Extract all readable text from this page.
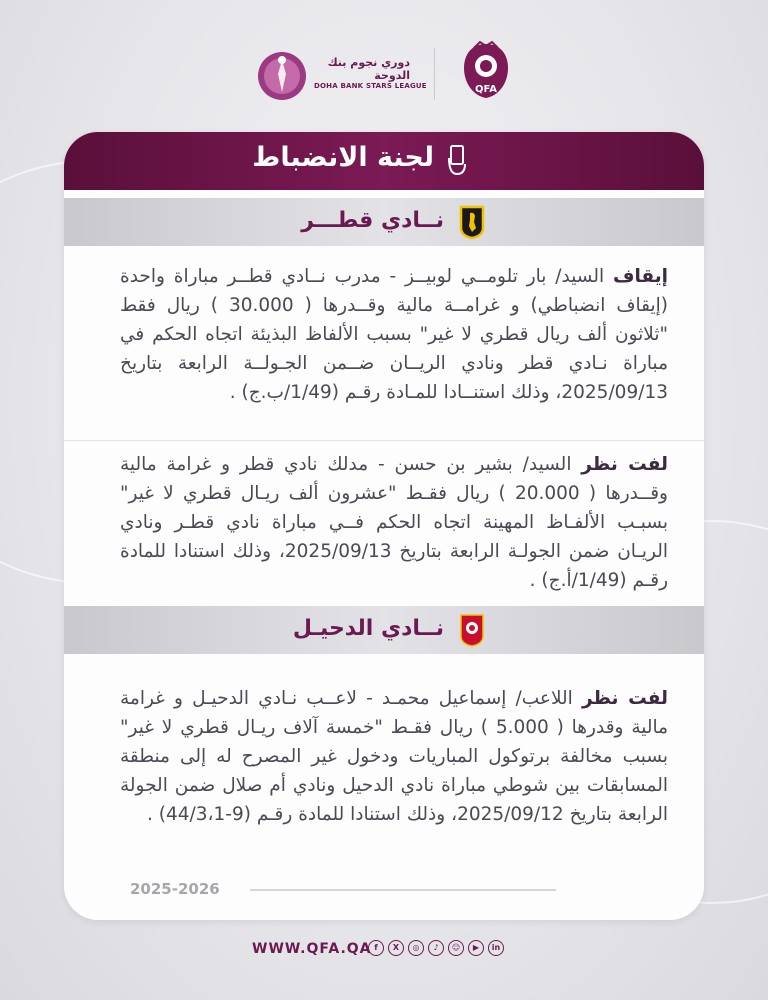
دوري نجوم بنك الدوحة
DOHA BANK STARS LEAGUE	QFA
لجنة الانضباط
نــادي قطـــر
إيقاف السيد/ بار تلومــي لوبيــز - مدرب نــادي قطــر مباراة واحدة (إيقاف انضباطي) و غرامــة مالية وقــدرها ( 30.000 ) ريال فقط "ثلاثون ألف ريال قطري لا غير" بسبب الألفاظ البذيئة اتجاه الحكم في مباراة نـادي قطر ونادي الريــان ضــمن الجـولــة الرابعة بتاريخ 2025/09/13، وذلك استنــادا للمـادة رقـم (1/49/ب.ج) .
لفت نظر السيد/ بشير بن حسن - مدلك نادي قطر و غرامة مالية وقــدرها ( 20.000 ) ريال فقـط "عشرون ألف ريـال قطري لا غير" بسبـب الألفـاظ المهينة اتجاه الحكم فــي مباراة نادي قطـر ونادي الريـان ضمن الجولـة الرابعة بتاريخ 2025/09/13، وذلك استنادا للمادة رقـم (1/49/أ.ج) .
نــادي الدحيـل
لفت نظر اللاعب/ إسماعيل محمـد - لاعــب نـادي الدحيـل و غرامة مالية وقدرها ( 5.000 ) ريال فقـط "خمسة آلاف ريـال قطري لا غير" بسبب مخالفة برتوكول المباريات ودخول غير المصرح له إلى منطقة المسابقات بين شوطي مباراة نادي الدحيل ونادي أم صلال ضمن الجولة الرابعة بتاريخ 2025/09/12، وذلك استنادا للمادة رقـم (9-44/3،1) .
2025-2026
WWW.QFA.QA f	X	◎	♪	☺	▶	in
